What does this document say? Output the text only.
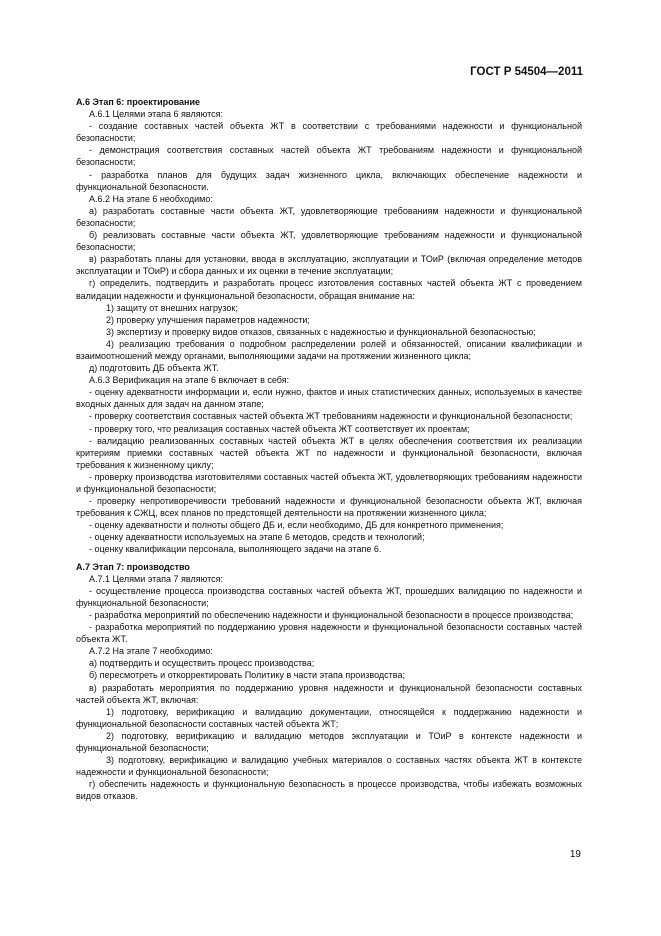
ГОСТ Р 54504—2011

А.6 Этап 6: проектирование

А.6.1 Целями этапа 6 являются:

- создание составных частей объекта ЖТ в соответствии с требованиями надежности и функциональной безопасности;

- демонстрация соответствия составных частей объекта ЖТ требованиям надежности и функциональной безопасности;

- разработка планов для будущих задач жизненного цикла, включающих обеспечение надежности и функциональной безопасности.

А.6.2 На этапе 6 необходимо:

а) разработать составные части объекта ЖТ, удовлетворяющие требованиям надежности и функциональной безопасности;

б) реализовать составные части объекта ЖТ, удовлетворяющие требованиям надежности и функциональной безопасности;

в) разработать планы для установки, ввода в эксплуатацию, эксплуатации и ТОиР (включая определение методов эксплуатации и ТОиР) и сбора данных и их оценки в течение эксплуатации;

г) определить, подтвердить и разработать процесс изготовления составных частей объекта ЖТ с проведением валидации надежности и функциональной безопасности, обращая внимание на:

1) защиту от внешних нагрузок;

2) проверку улучшения параметров надежности;

3) экспертизу и проверку видов отказов, связанных с надежностью и функциональной безопасностью;

4) реализацию требования о подробном распределении ролей и обязанностей, описании квалификации и взаимоотношений между органами, выполняющими задачи на протяжении жизненного цикла;

д) подготовить ДБ объекта ЖТ.

А.6.3 Верификация на этапе 6 включает в себя:

- оценку адекватности информации и, если нужно, фактов и иных статистических данных, используемых в качестве входных данных для задач на данном этапе;

- проверку соответствия составных частей объекта ЖТ требованиям надежности и функциональной безопасности;

- проверку того, что реализация составных частей объекта ЖТ соответствует их проектам;

- валидацию реализованных составных частей объекта ЖТ в целях обеспечения соответствия их реализации критериям приемки составных частей объекта ЖТ по надежности и функциональной безопасности, включая требования к жизненному циклу;

- проверку производства изготовителями составных частей объекта ЖТ, удовлетворяющих требованиям надежности и функциональной безопасности;

- проверку непротиворечивости требований надежности и функциональной безопасности объекта ЖТ, включая требования к СЖЦ, всех планов по предстоящей деятельности на протяжении жизненного цикла;

- оценку адекватности и полноты общего ДБ и, если необходимо, ДБ для конкретного применения;

- оценку адекватности используемых на этапе 6 методов, средств и технологий;

- оценку квалификации персонала, выполняющего задачи на этапе 6.

А.7 Этап 7: производство

А.7.1 Целями этапа 7 являются:

- осуществление процесса производства составных частей объекта ЖТ, прошедших валидацию по надежности и функциональной безопасности;

- разработка мероприятий по обеспечению надежности и функциональной безопасности в процессе производства;

- разработка мероприятий по поддержанию уровня надежности и функциональной безопасности составных частей объекта ЖТ.

А.7.2 На этапе 7 необходимо:

а) подтвердить и осуществить процесс производства;

б) пересмотреть и откорректировать Политику в части этапа производства;

в) разработать мероприятия по поддержанию уровня надежности и функциональной безопасности составных частей объекта ЖТ, включая:

1) подготовку, верификацию и валидацию документации, относящейся к поддержанию надежности и функциональной безопасности составных частей объекта ЖТ;

2) подготовку, верификацию и валидацию методов эксплуатации и ТОиР в контексте надежности и функциональной безопасности;

3) подготовку, верификацию и валидацию учебных материалов о составных частях объекта ЖТ в контексте надежности и функциональной безопасности;

г) обеспечить надежность и функциональную безопасность в процессе производства, чтобы избежать возможных видов отказов.

19
